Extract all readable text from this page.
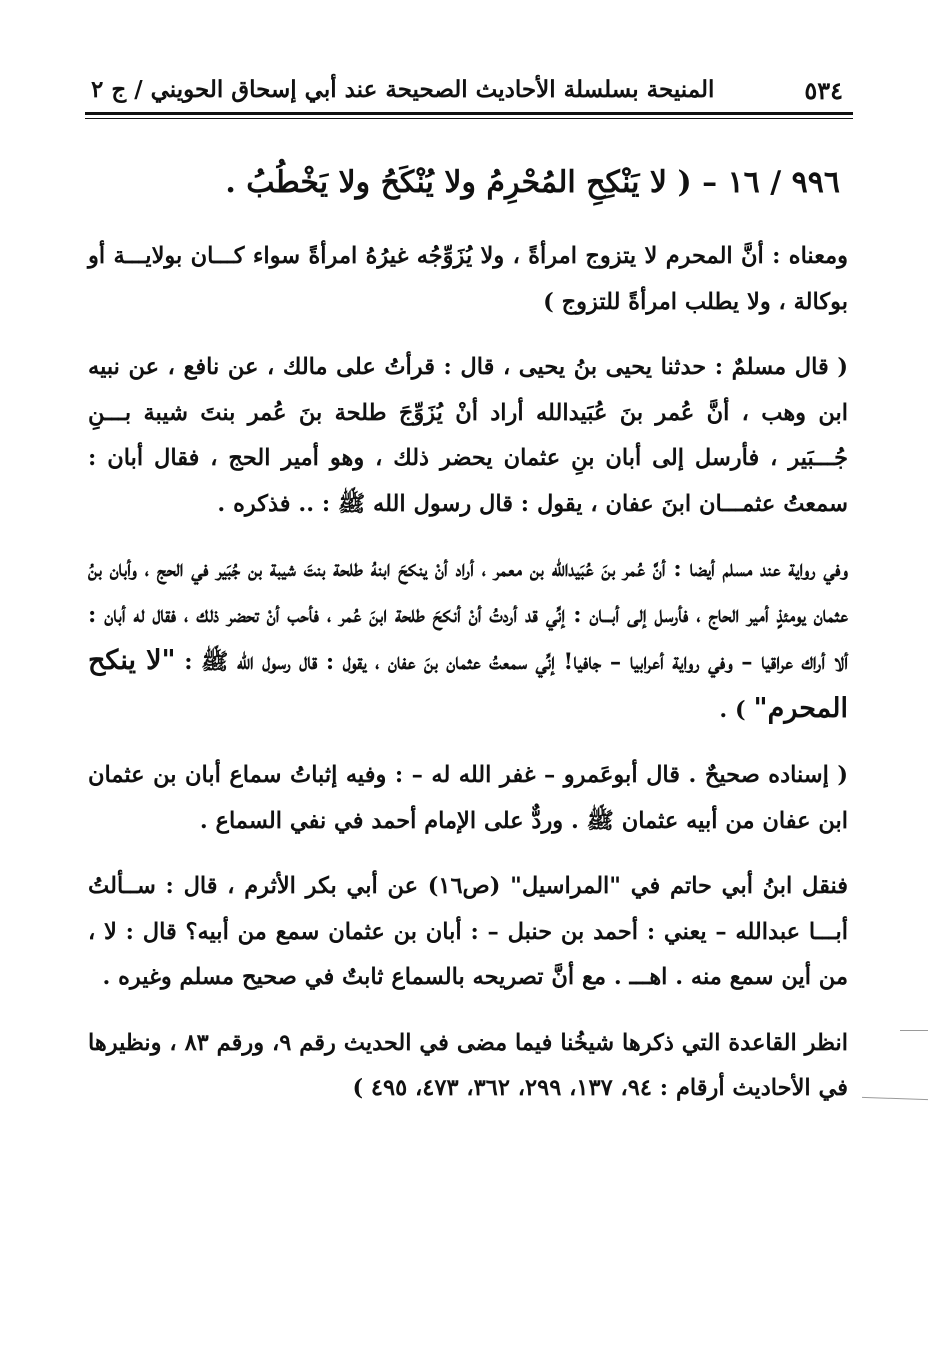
٥٣٤
المنيحة بسلسلة الأحاديث الصحيحة عند أبي إسحاق الحويني / ج ٢
٩٩٦ / ١٦ – ( لا يَنْكِحِ المُحْرِمُ ولا يُنْكَحُ ولا يَخْطُبُ .

ومعناه : أنَّ المحرم لا يتزوج امرأةً ، ولا يُزَوِّجُه غيرُهُ امرأةً سواء كـــان بولايـــة أو بوكالة ، ولا يطلب امرأةً للتزوج )

( قال مسلمٌ : حدثنا يحيى بنُ يحيى ، قال : قرأتُ على مالك ، عن نافع ، عن نبيه ابن وهب ، أنَّ عُمر بنَ عُبَيدالله أراد أنْ يُزَوِّجَ طلحة بنَ عُمر بنتَ شيبة بـــنِ جُـــبَير ، فأرسل إلى أبان بنِ عثمان يحضر ذلك ، وهو أمير الحج ، فقال أبان : سمعتُ عثمـــان ابنَ عفان ، يقول : قال رسول الله ﷺ : .. فذكره .

وفي رواية عند مسلم أيضا : أنَّ عُمر بنَ عُبَيدالله بن معمر ، أراد أنْ ينكحَ ابنهُ طلحة بنتَ شيبة بن جُبَير في الحج ، وأبان بنُ عثمان يومئذٍ أمير الحاج ، فأرسل إلى أبـــان : إنِّي قد أردتُ أنْ أنكحَ طلحة ابنَ عُمر ، فأحب أنْ تحضر ذلك ، فقال له أبان : ألا أراك عراقيا – وفي رواية أعرابيا – جافيا! إنِّي سمعتُ عثمان بنَ عفان ، يقول : قال رسول الله ﷺ : "لا ينكح المحرم" ) .

( إسناده صحيحٌ . قال أبوعَمرو – غفر الله له – : وفيه إثباتُ سماع أبان بن عثمان ابن عفان من أبيه عثمان ﷺ . وردٌّ على الإمام أحمد في نفي السماع .

فنقل ابنُ أبي حاتم في "المراسيل" (ص١٦) عن أبي بكر الأثرم ، قال : ســألتُ أبـــا عبدالله – يعني : أحمد بن حنبل – : أبان بن عثمان سمع من أبيه؟ قال : لا ، من أين سمع منه . اهـــ . مع أنَّ تصريحه بالسماع ثابتٌ في صحيح مسلم وغيره .

انظر القاعدة التي ذكرها شيخُنا فيما مضى في الحديث رقم ٩، ورقم ٨٣ ، ونظيرها في الأحاديث أرقام : ٩٤، ١٣٧، ٢٩٩، ٣٦٢، ٤٧٣، ٤٩٥ )
